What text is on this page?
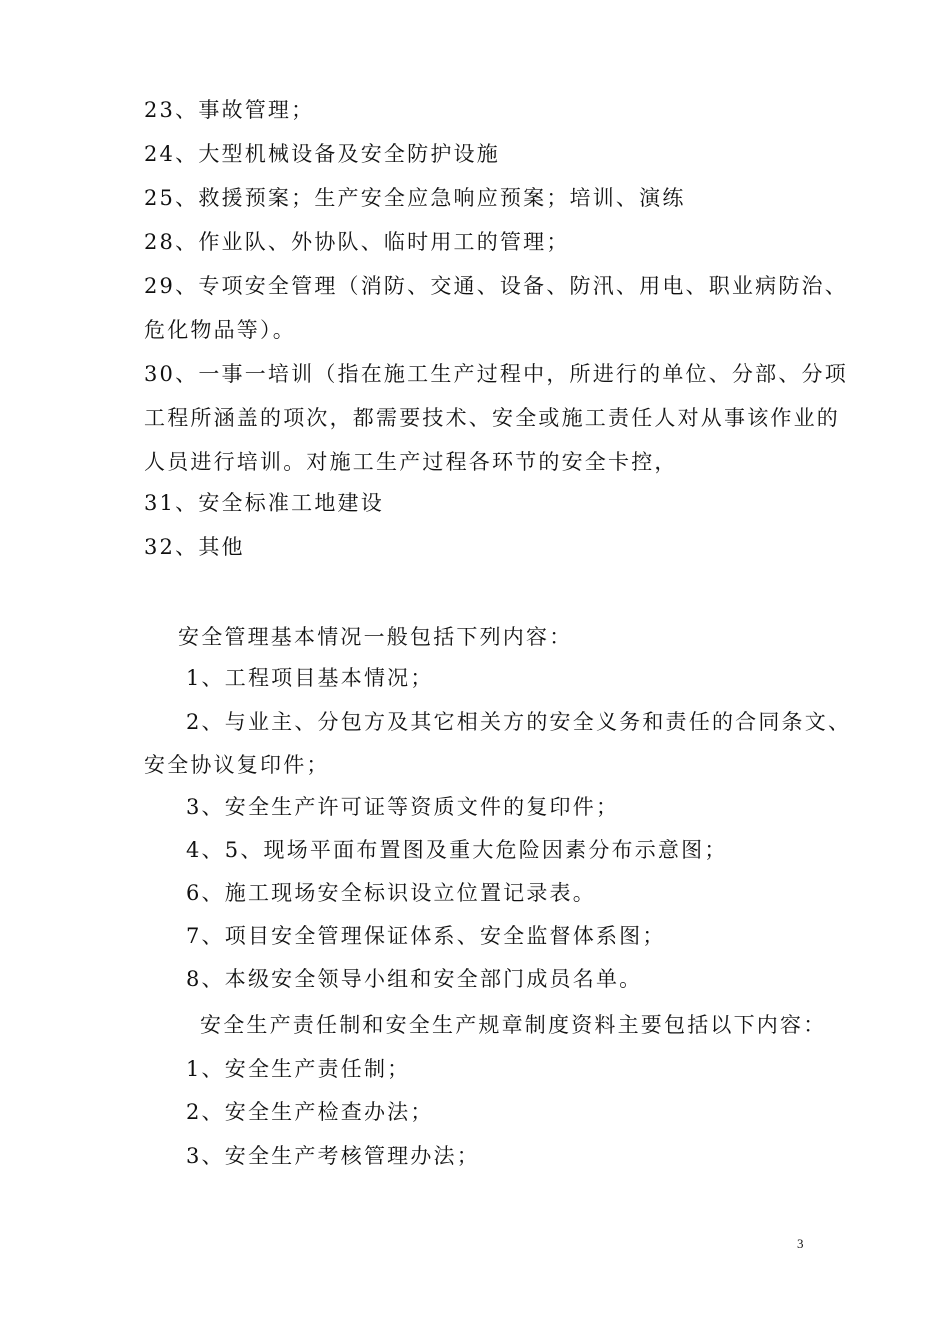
23、事故管理；
24、大型机械设备及安全防护设施
25、救援预案；生产安全应急响应预案；培训、演练
28、作业队、外协队、临时用工的管理；
29、专项安全管理（消防、交通、设备、防汛、用电、职业病防治、
危化物品等）。
30、一事一培训（指在施工生产过程中，所进行的单位、分部、分项
工程所涵盖的项次，都需要技术、安全或施工责任人对从事该作业的
人员进行培训。对施工生产过程各环节的安全卡控，
31、安全标准工地建设
32、其他
安全管理基本情况一般包括下列内容：
1、工程项目基本情况；
2、与业主、分包方及其它相关方的安全义务和责任的合同条文、
安全协议复印件；
3、安全生产许可证等资质文件的复印件；
4、5、现场平面布置图及重大危险因素分布示意图；
6、施工现场安全标识设立位置记录表。
7、项目安全管理保证体系、安全监督体系图；
8、本级安全领导小组和安全部门成员名单。
安全生产责任制和安全生产规章制度资料主要包括以下内容：
1、安全生产责任制；
2、安全生产检查办法；
3、安全生产考核管理办法；
3
